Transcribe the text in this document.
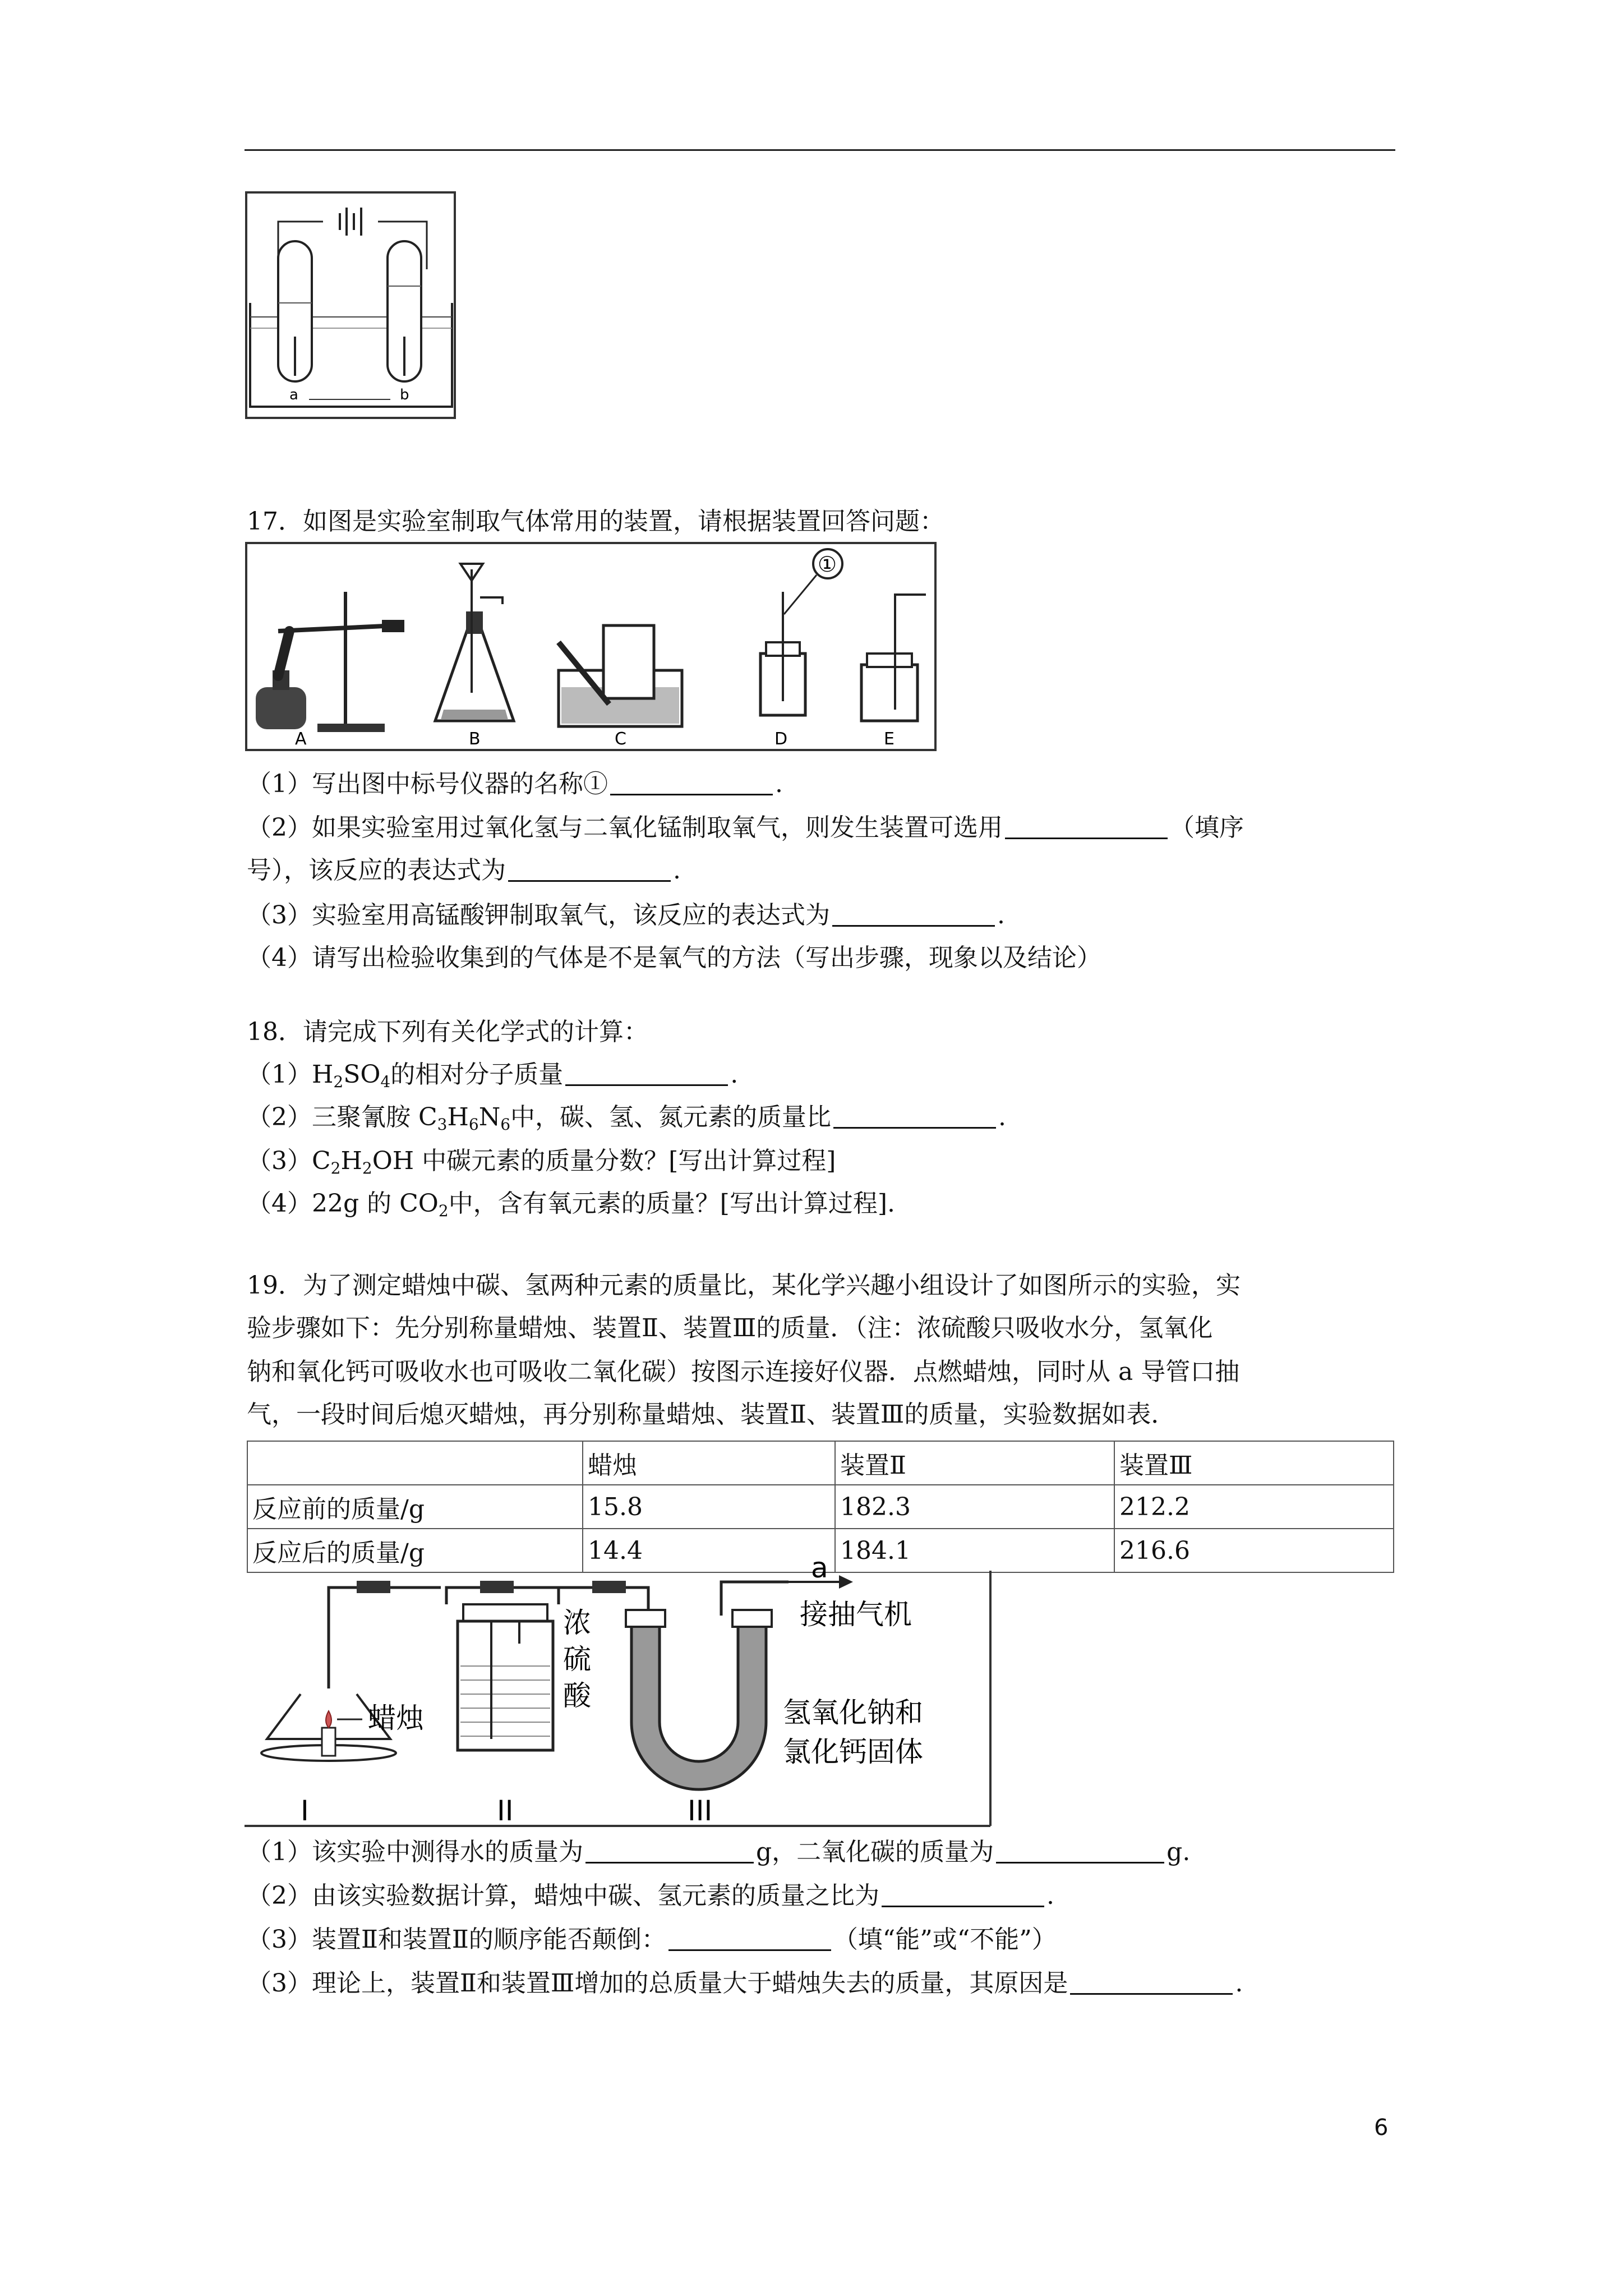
a	b
17．如图是实验室制取气体常用的装置，请根据装置回答问题：
①
A	B	C	D	E
（1）写出图中标号仪器的名称①	.
（2）如果实验室用过氧化氢与二氧化锰制取氧气，则发生装置可选用	（填序
号），该反应的表达式为	.
（3）实验室用高锰酸钾制取氧气，该反应的表达式为	.
（4）请写出检验收集到的气体是不是氧气的方法（写出步骤，现象以及结论）
18．请完成下列有关化学式的计算：
$(1)H_2SO_4$的相对分子质量	.
（2）三聚氰胺 $C_3H_6N_6$中，碳、氢、氮元素的质量比	.
$(3)C_2H_2OH$ 中碳元素的质量分数？[写出计算过程]
（4）22g 的 $CO_2$中，含有氧元素的质量？[写出计算过程].
19．为了测定蜡烛中碳、氢两种元素的质量比，某化学兴趣小组设计了如图所示的实验，实
验步骤如下：先分别称量蜡烛、装置Ⅱ、装置Ⅲ的质量．（注：浓硫酸只吸收水分，氢氧化
钠和氧化钙可吸收水也可吸收二氧化碳）按图示连接好仪器．点燃蜡烛，同时从 a 导管口抽
气，一段时间后熄灭蜡烛，再分别称量蜡烛、装置Ⅱ、装置Ⅲ的质量，实验数据如表．
	蜡烛	装置Ⅱ	装置Ⅲ
反应前的质量/g	15.8	182.3	212.2
反应后的质量/g	14.4	184.1	216.6
蜡烛
浓
硫
酸
a
接抽气机
氢氧化钠和
氯化钙固体
I	II	III
（1）该实验中测得水的质量为	g，二氧化碳的质量为	g.
（2）由该实验数据计算，蜡烛中碳、氢元素的质量之比为	.
（3）装置Ⅱ和装置Ⅱ的顺序能否颠倒：	（填“能”或“不能”）
（3）理论上，装置Ⅱ和装置Ⅲ增加的总质量大于蜡烛失去的质量，其原因是	.
6
